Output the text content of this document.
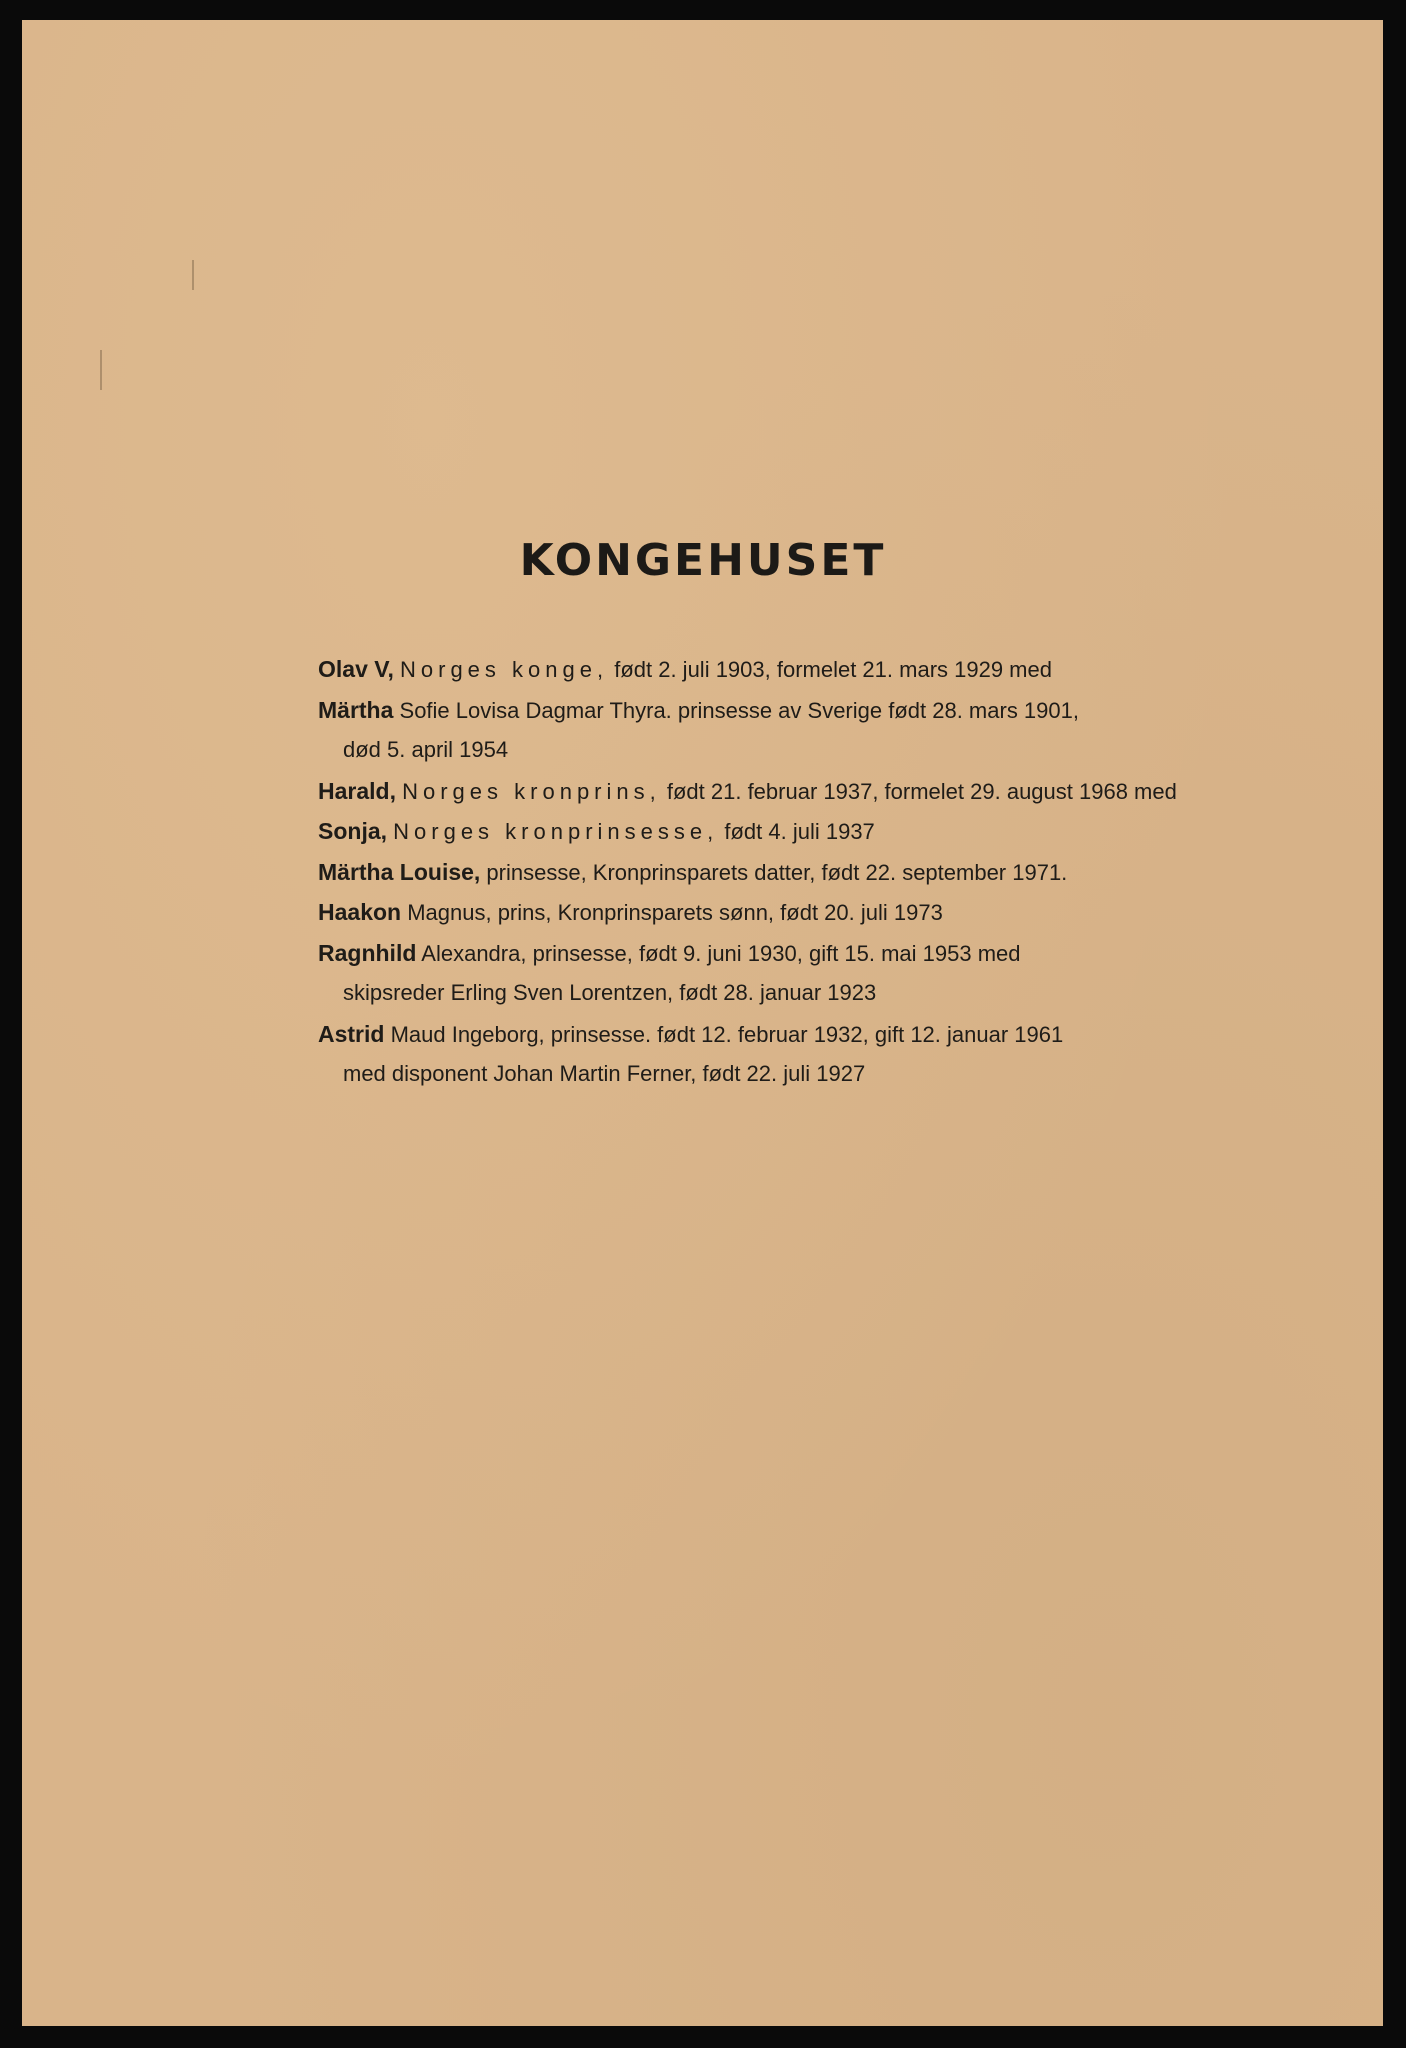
KONGEHUSET
Olav V, Norges konge, født 2. juli 1903, formelet 21. mars 1929 med
Märtha Sofie Lovisa Dagmar Thyra. prinsesse av Sverige født 28. mars 1901,
død 5. april 1954
Harald, Norges kronprins, født 21. februar 1937, formelet 29. august 1968 med
Sonja, Norges kronprinsesse, født 4. juli 1937
Märtha Louise, prinsesse, Kronprinsparets datter, født 22. september 1971.
Haakon Magnus, prins, Kronprinsparets sønn, født 20. juli 1973
Ragnhild Alexandra, prinsesse, født 9. juni 1930, gift 15. mai 1953 med
skipsreder Erling Sven Lorentzen, født 28. januar 1923
Astrid Maud Ingeborg, prinsesse. født 12. februar 1932, gift 12. januar 1961
med disponent Johan Martin Ferner, født 22. juli 1927
